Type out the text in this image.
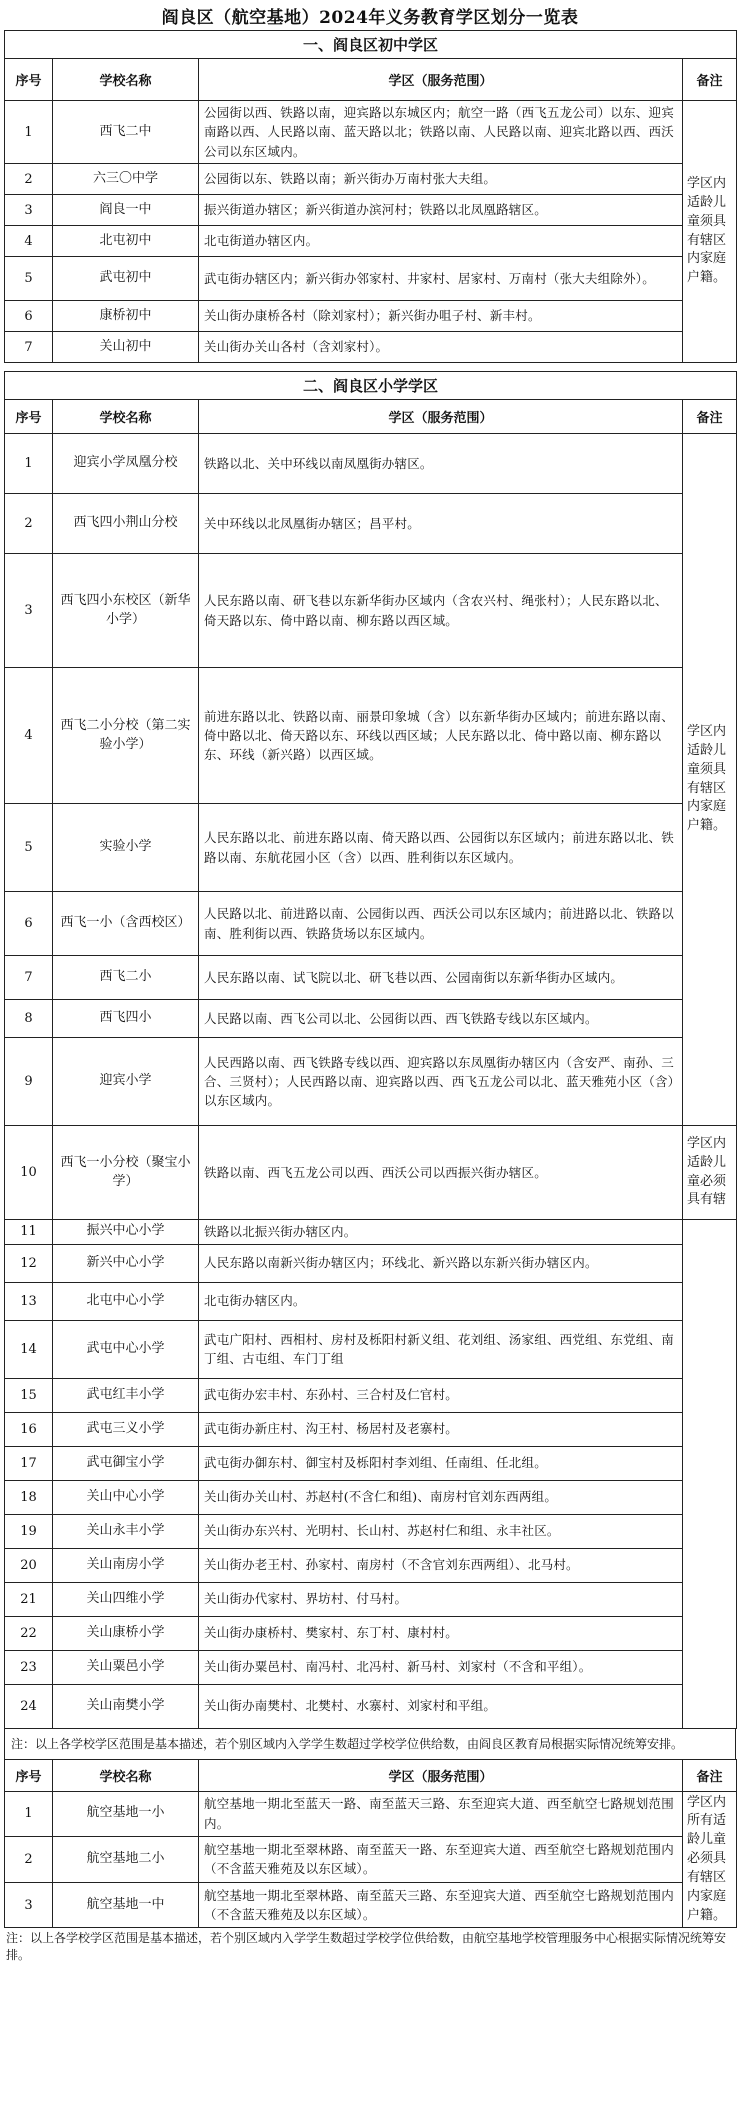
阎良区（航空基地）2024年义务教育学区划分一览表
一、阎良区初中学区			
序号	学校名称	学区（服务范围）	备注
1	西飞二中	公园街以西、铁路以南，迎宾路以东城区内；航空一路（西飞五龙公司）以东、迎宾南路以西、人民路以南、蓝天路以北；铁路以南、人民路以南、迎宾北路以西、西沃公司以东区域内。	学区内适龄儿童须具有辖区内家庭户籍。
2	六三〇中学	公园街以东、铁路以南；新兴街办万南村张大夫组。	
3	阎良一中	振兴街道办辖区；新兴街道办滨河村；铁路以北凤凰路辖区。	
4	北屯初中	北屯街道办辖区内。	
5	武屯初中	武屯街办辖区内；新兴街办邻家村、井家村、居家村、万南村（张大夫组除外）。	
6	康桥初中	关山街办康桥各村（除刘家村）；新兴街办咀子村、新丰村。	
7	关山初中	关山街办关山各村（含刘家村）。	
二、阎良区小学学区			
序号	学校名称	学区（服务范围）	备注
1	迎宾小学凤凰分校	铁路以北、关中环线以南凤凰街办辖区。	学区内适龄儿童须具有辖区内家庭户籍。
2	西飞四小荆山分校	关中环线以北凤凰街办辖区；昌平村。	
3	西飞四小东校区（新华小学）	人民东路以南、研飞巷以东新华街办区域内（含农兴村、绳张村）；人民东路以北、倚天路以东、倚中路以南、柳东路以西区域。	
4	西飞二小分校（第二实验小学）	前进东路以北、铁路以南、丽景印象城（含）以东新华街办区域内；前进东路以南、倚中路以北、倚天路以东、环线以西区域；人民东路以北、倚中路以南、柳东路以东、环线（新兴路）以西区域。	
5	实验小学	人民东路以北、前进东路以南、倚天路以西、公园街以东区域内；前进东路以北、铁路以南、东航花园小区（含）以西、胜利街以东区域内。	
6	西飞一小（含西校区）	人民路以北、前进路以南、公园街以西、西沃公司以东区域内；前进路以北、铁路以南、胜利街以西、铁路货场以东区域内。	
7	西飞二小	人民东路以南、试飞院以北、研飞巷以西、公园南街以东新华街办区域内。	
8	西飞四小	人民路以南、西飞公司以北、公园街以西、西飞铁路专线以东区域内。	
9	迎宾小学	人民西路以南、西飞铁路专线以西、迎宾路以东凤凰街办辖区内（含安严、南孙、三合、三贤村）；人民西路以南、迎宾路以西、西飞五龙公司以北、蓝天雅苑小区（含）以东区域内。	
10	西飞一小分校（聚宝小学）	铁路以南、西飞五龙公司以西、西沃公司以西振兴街办辖区。	学区内适龄儿童必须具有辖
11	振兴中心小学	铁路以北振兴街办辖区内。	
12	新兴中心小学	人民东路以南新兴街办辖区内；环线北、新兴路以东新兴街办辖区内。	
13	北屯中心小学	北屯街办辖区内。	
14	武屯中心小学	武屯广阳村、西相村、房村及栎阳村新义组、花刘组、汤家组、西党组、东党组、南丁组、古屯组、车门丁组	
15	武屯红丰小学	武屯街办宏丰村、东孙村、三合村及仁官村。	
16	武屯三义小学	武屯街办新庄村、沟王村、杨居村及老寨村。	
17	武屯御宝小学	武屯街办御东村、御宝村及栎阳村李刘组、任南组、任北组。	
18	关山中心小学	关山街办关山村、苏赵村(不含仁和组)、南房村官刘东西两组。	
19	关山永丰小学	关山街办东兴村、光明村、长山村、苏赵村仁和组、永丰社区。	
20	关山南房小学	关山街办老王村、孙家村、南房村（不含官刘东西两组）、北马村。	
21	关山四维小学	关山街办代家村、界坊村、付马村。	
22	关山康桥小学	关山街办康桥村、樊家村、东丁村、康村村。	
23	关山粟邑小学	关山街办粟邑村、南冯村、北冯村、新马村、刘家村（不含和平组）。	
24	关山南樊小学	关山街办南樊村、北樊村、水寨村、刘家村和平组。	
注：以上各学校学区范围是基本描述，若个别区域内入学学生数超过学校学位供给数，由阎良区教育局根据实际情况统筹安排。
序号	学校名称	学区（服务范围）	备注
1	航空基地一小	航空基地一期北至蓝天一路、南至蓝天三路、东至迎宾大道、西至航空七路规划范围内。	学区内所有适龄儿童必须具有辖区内家庭户籍。
2	航空基地二小	航空基地一期北至翠林路、南至蓝天一路、东至迎宾大道、西至航空七路规划范围内（不含蓝天雅苑及以东区域）。	
3	航空基地一中	航空基地一期北至翠林路、南至蓝天三路、东至迎宾大道、西至航空七路规划范围内（不含蓝天雅苑及以东区域）。	
注：以上各学校学区范围是基本描述，若个别区域内入学学生数超过学校学位供给数，由航空基地学校管理服务中心根据实际情况统筹安排。
